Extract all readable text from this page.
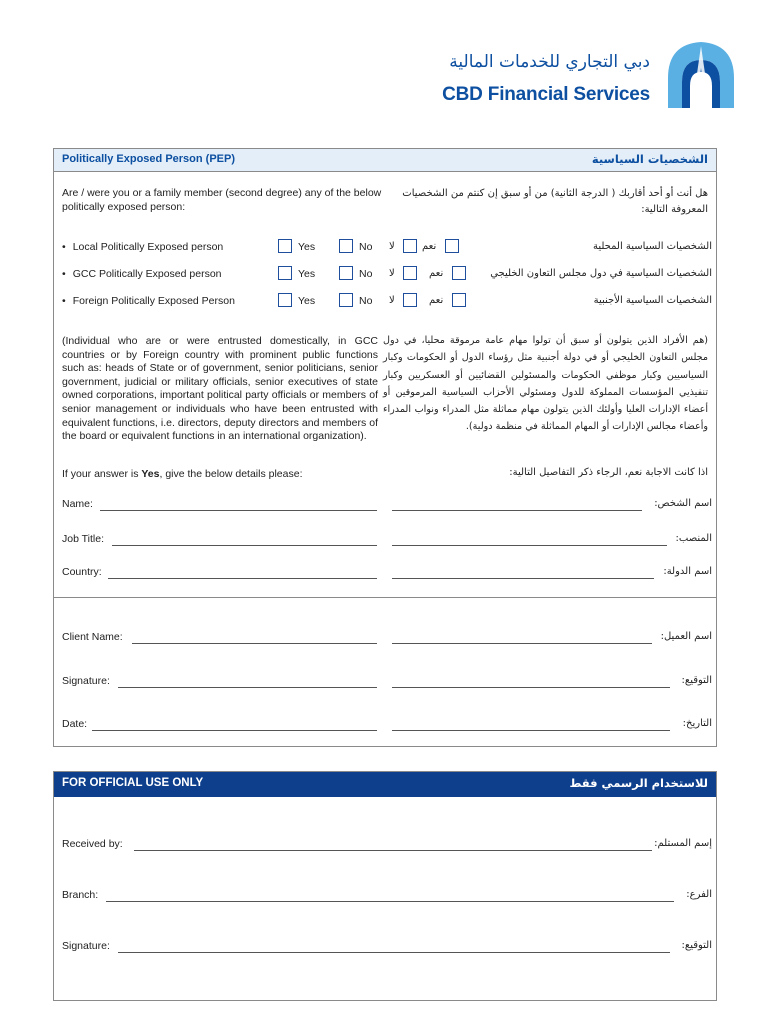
دبي التجاري للخدمات المالية
CBD Financial Services
Politically Exposed Person (PEP)	الشخصيات السياسية
Are / were you or a family member (second degree) any of the below politically exposed person:
هل أنت أو أحد أقاربك ( الدرجة الثانية) من أو سبق إن كنتم من الشخصيات المعروفة التالية:
• Local Politically Exposed person	Yes	No لا	نعم	الشخصيات السياسية المحلية
• GCC Politically Exposed person	Yes	No لا	نعم	الشخصيات السياسية في دول مجلس التعاون الخليجي
• Foreign Politically Exposed Person	Yes	No لا	نعم	الشخصيات السياسية الأجنبية
(Individual who are or were entrusted domestically, in GCC countries or by Foreign country with prominent public functions such as: heads of State or of government, senior politicians, senior government, judicial or military officials, senior executives of state owned corporations, important political party officials or members of senior management or individuals who have been entrusted with equivalent functions, i.e. directors, deputy directors and members of the board or equivalent functions in an international organization).
(هم الأفراد الذين يتولون أو سبق أن تولوا مهام عامة مرموقة محليا، في دول مجلس التعاون الخليجي أو في دولة أجنبية مثل رؤساء الدول أو الحكومات وكبار السياسيين وكبار موظفي الحكومات والمسئولين القضائيين أو العسكريين وكبار تنفيذيي المؤسسات المملوكة للدول ومسئولي الأحزاب السياسية المرموقين أو أعضاء الإدارات العليا وأولئك الذين يتولون مهام مماثلة مثل المدراء ونواب المدراء وأعضاء مجالس الإدارات أو المهام المماثلة في منظمة دولية).
If your answer is Yes, give the below details please:	اذا كانت الاجابة نعم، الرجاء ذكر التفاصيل التالية:
Name:	اسم الشخص:
Job Title:	المنصب:
Country:	اسم الدولة:
Client Name:	اسم العميل:
Signature:	التوقيع:
Date:	التاريخ:
FOR OFFICIAL USE ONLY	للاستخدام الرسمي فقط
Received by:	إسم المستلم:
Branch:	الفرع:
Signature:	التوقيع:
